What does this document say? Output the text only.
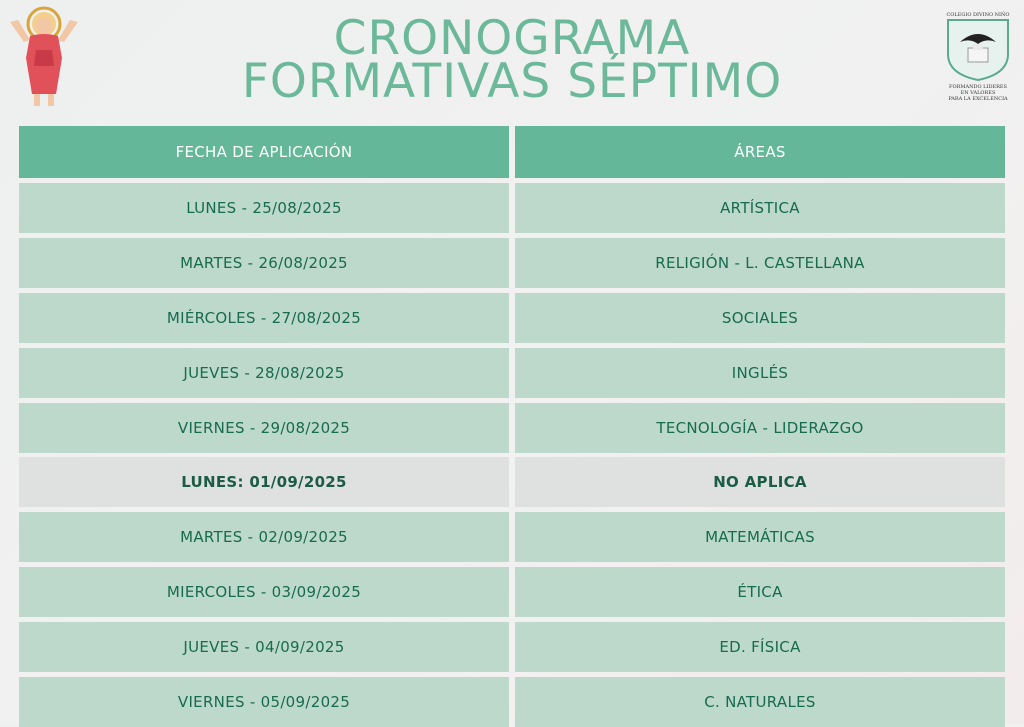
CRONOGRAMA
FORMATIVAS SÉPTIMO
COLEGIO DIVINO NIÑO
FORMANDO LIDERES
EN VALORES
PARA LA EXCELENCIA
FECHA DE APLICACIÓN	ÁREAS
LUNES - 25/08/2025	ARTÍSTICA
MARTES - 26/08/2025	RELIGIÓN - L. CASTELLANA
MIÉRCOLES - 27/08/2025	SOCIALES
JUEVES - 28/08/2025	INGLÉS
VIERNES - 29/08/2025	TECNOLOGÍA - LIDERAZGO
LUNES: 01/09/2025	NO APLICA
MARTES - 02/09/2025	MATEMÁTICAS
MIERCOLES - 03/09/2025	ÉTICA
JUEVES - 04/09/2025	ED. FÍSICA
VIERNES - 05/09/2025	C. NATURALES
